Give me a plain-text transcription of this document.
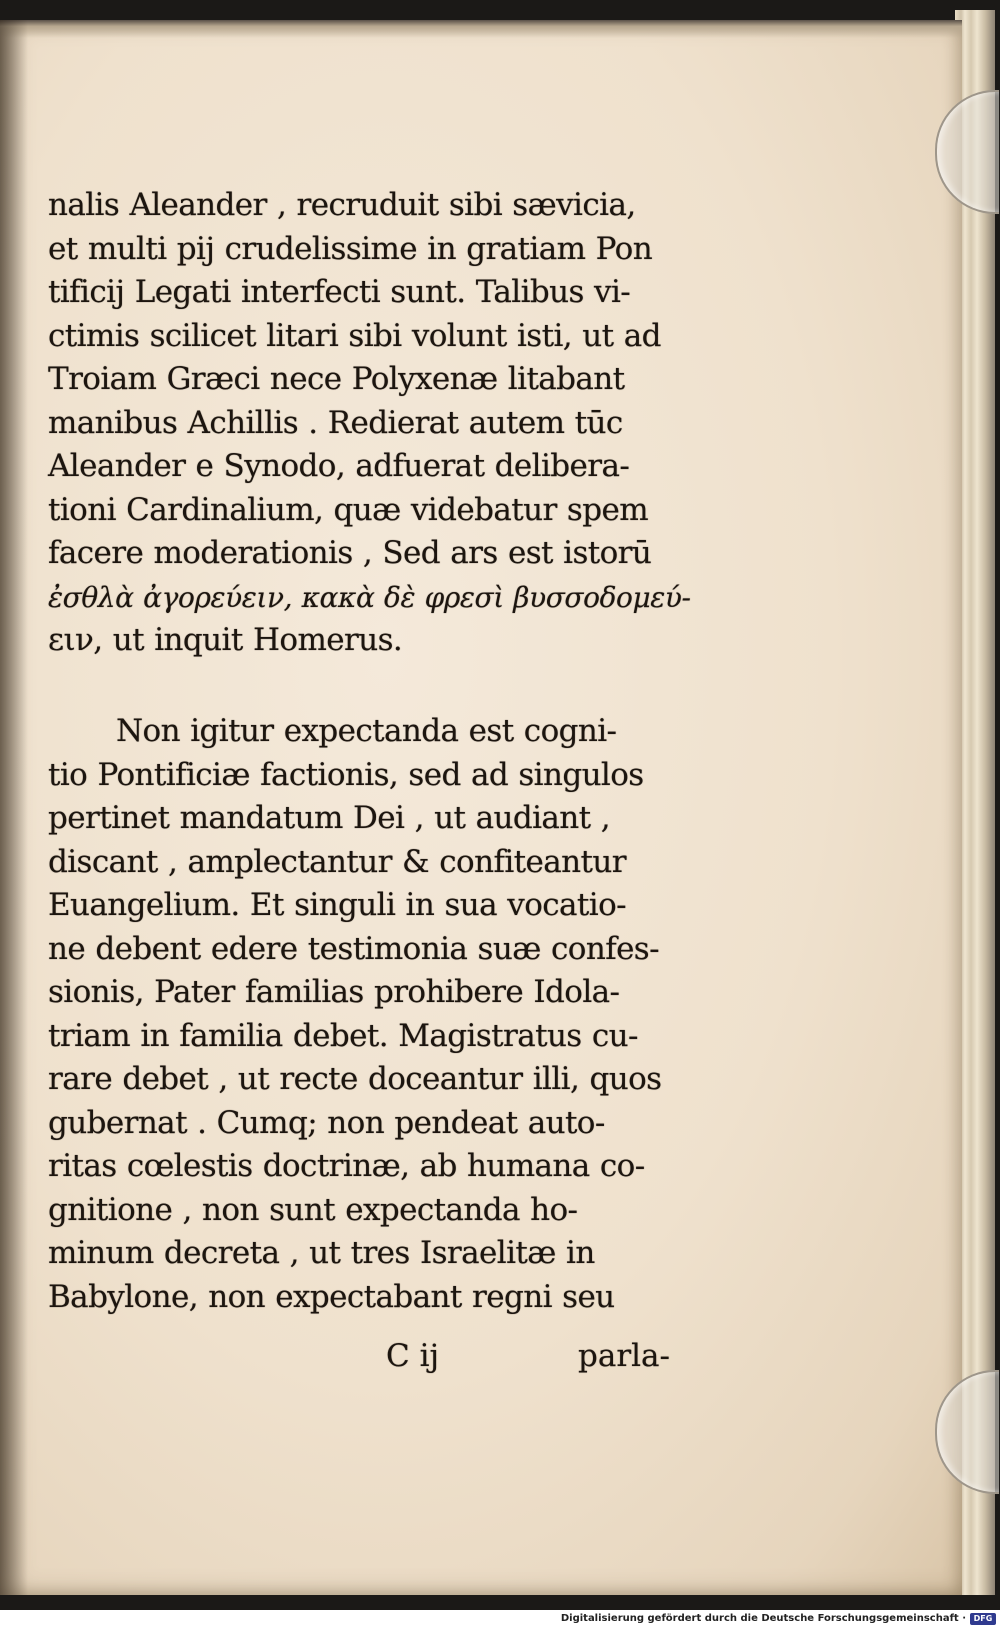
nalis Aleander , recruduit sibi sævicia,
et multi pij crudelissime in gratiam Pon
tificij Legati interfecti sunt. Talibus vi-
ctimis scilicet litari sibi volunt isti, ut ad
Troiam Græci nece Polyxenæ litabant
manibus Achillis . Redierat autem tūc
Aleander e Synodo, adfuerat delibera-
tioni Cardinalium, quæ videbatur spem
facere moderationis , Sed ars est istorū
ἐσθλὰ ἀγορεύειν, κακὰ δὲ φρεσὶ βυσσοδομεύ-
ειν, ut inquit Homerus.
Non igitur expectanda est cogni-
tio Pontificiæ factionis, sed ad singulos
pertinet mandatum Dei , ut audiant ,
discant , amplectantur & confiteantur
Euangelium. Et singuli in sua vocatio-
ne debent edere testimonia suæ confes-
sionis, Pater familias prohibere Idola-
triam in familia debet. Magistratus cu-
rare debet , ut recte doceantur illi, quos
gubernat . Cumq; non pendeat auto-
ritas cœlestis doctrinæ, ab humana co-
gnitione , non sunt expectanda ho-
minum decreta , ut tres Israelitæ in
Babylone, non expectabant regni seu
C ij	parla-
Digitalisierung gefördert durch die Deutsche Forschungsgemeinschaft · DFG
